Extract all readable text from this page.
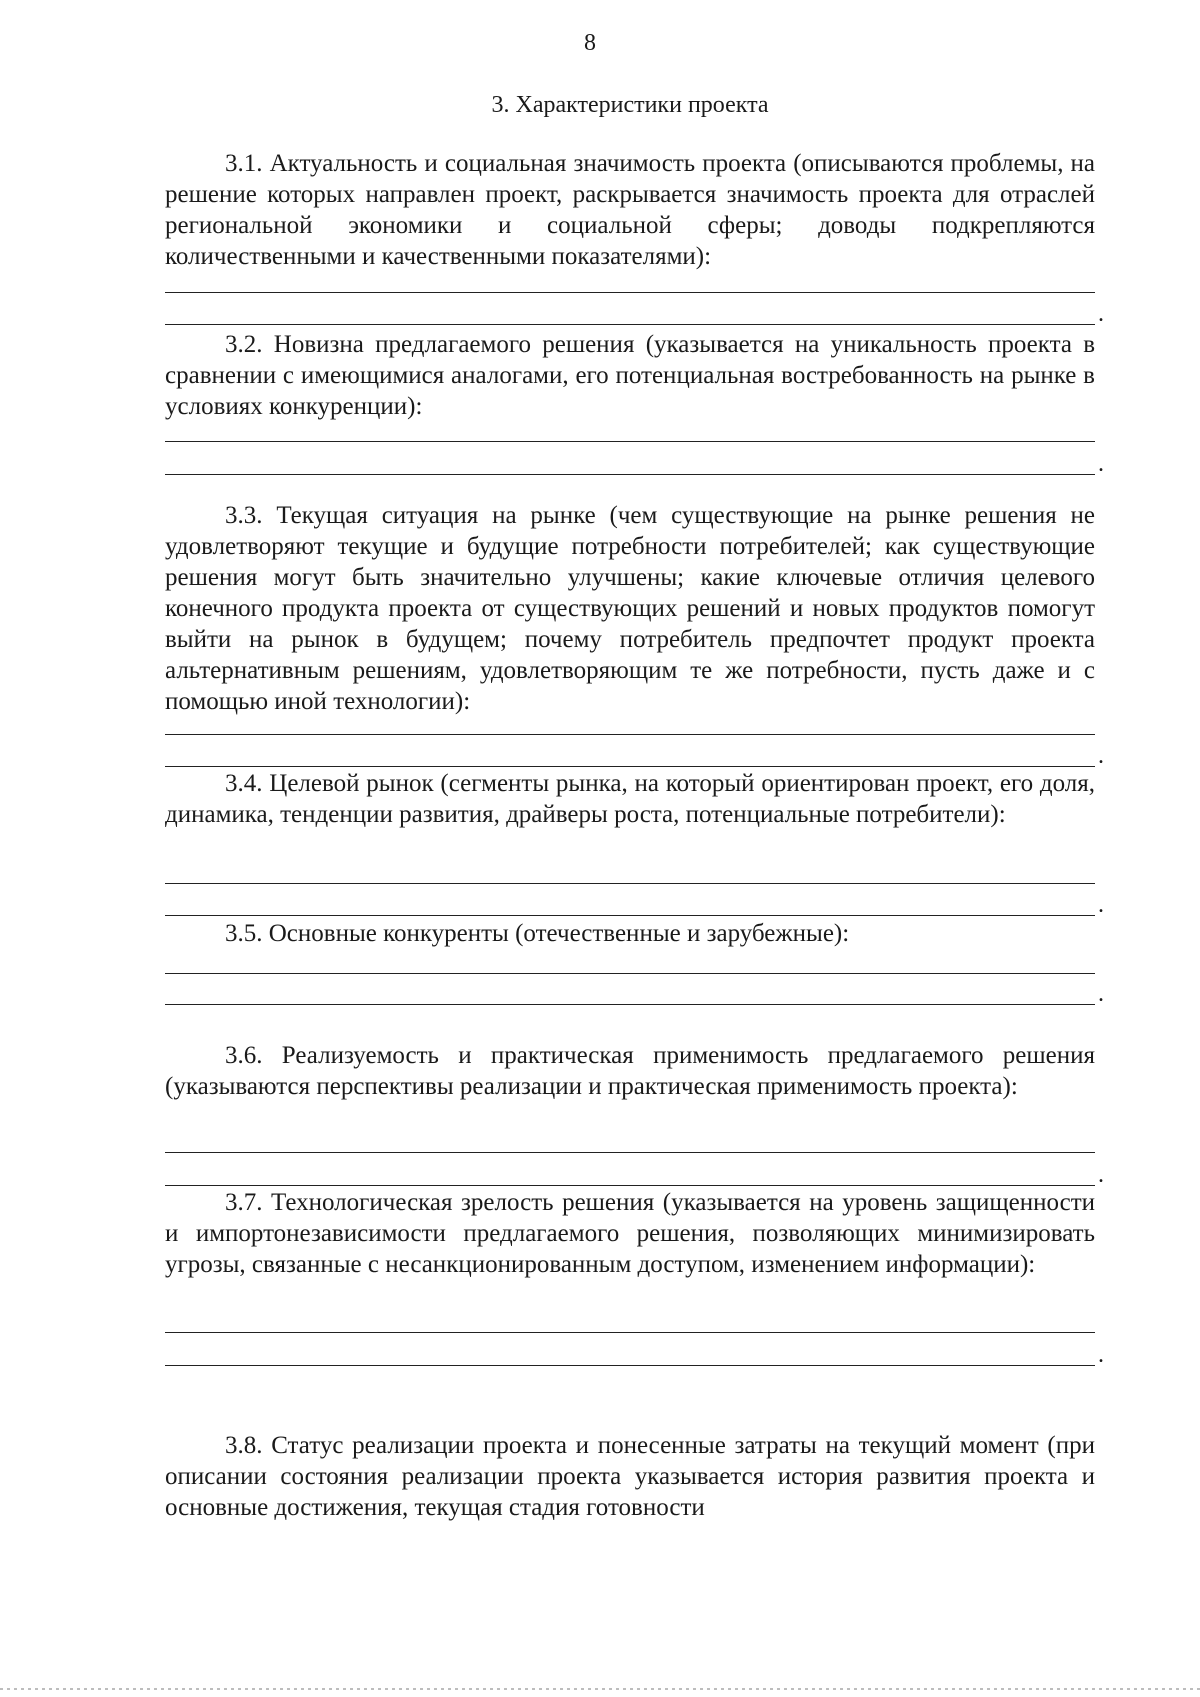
8
3. Характеристики проекта

3.1. Актуальность и социальная значимость проекта (описываются проблемы, на решение которых направлен проект, раскрывается значимость проекта для отраслей региональной экономики и социальной сферы; доводы подкрепляются количественными и качественными показателями):

.

3.2. Новизна предлагаемого решения (указывается на уникальность проекта в сравнении с имеющимися аналогами, его потенциальная востребованность на рынке в условиях конкуренции):

.

3.3. Текущая ситуация на рынке (чем существующие на рынке решения не удовлетворяют текущие и будущие потребности потребителей; как существующие решения могут быть значительно улучшены; какие ключевые отличия целевого конечного продукта проекта от существующих решений и новых продуктов помогут выйти на рынок в будущем; почему потребитель предпочтет продукт проекта альтернативным решениям, удовлетворяющим те же потребности, пусть даже и с помощью иной технологии):

.

3.4. Целевой рынок (сегменты рынка, на который ориентирован проект, его доля, динамика, тенденции развития, драйверы роста, потенциальные потребители):

.

3.5. Основные конкуренты (отечественные и зарубежные):

.

3.6. Реализуемость и практическая применимость предлагаемого решения (указываются перспективы реализации и практическая применимость проекта):

.

3.7. Технологическая зрелость решения (указывается на уровень защищенности и импортонезависимости предлагаемого решения, позволяющих минимизировать угрозы, связанные с несанкционированным доступом, изменением информации):

.

3.8. Статус реализации проекта и понесенные затраты на текущий момент (при описании состояния реализации проекта указывается история развития проекта и основные достижения, текущая стадия готовности
